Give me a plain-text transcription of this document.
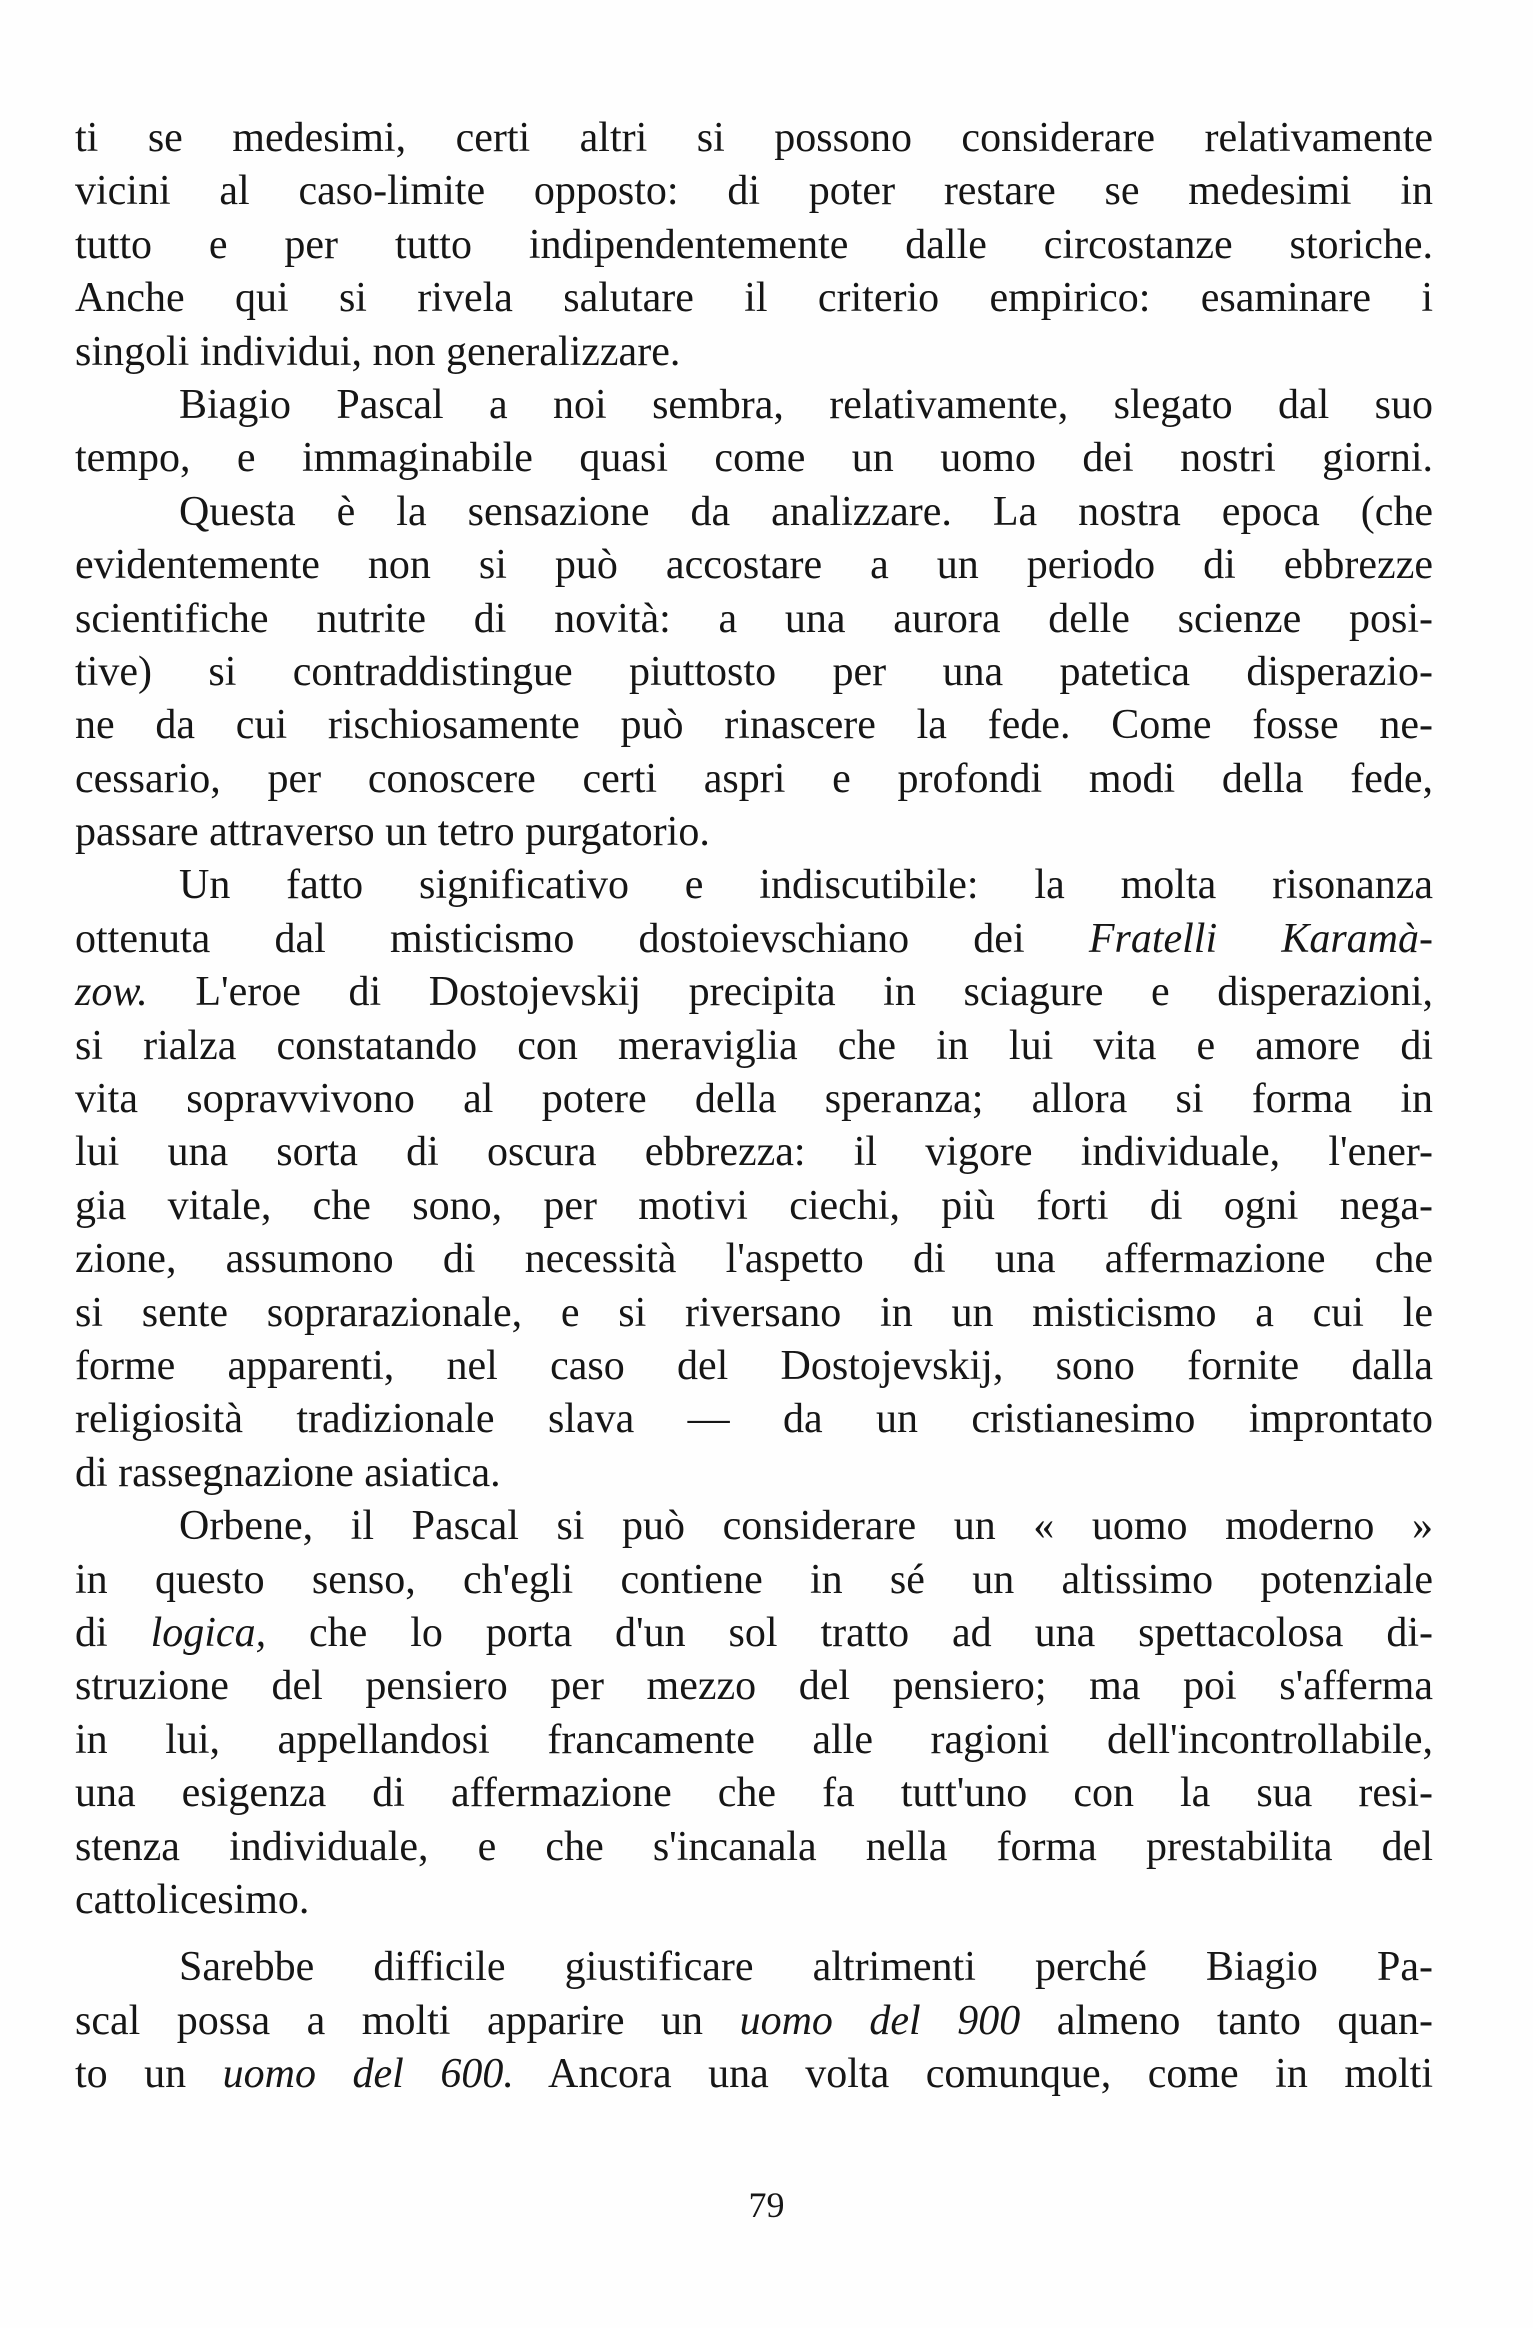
ti se medesimi, certi altri si possono considerare relativamente
vicini al caso-limite opposto: di poter restare se medesimi in
tutto e per tutto indipendentemente dalle circostanze storiche.
Anche qui si rivela salutare il criterio empirico: esaminare i
singoli individui, non generalizzare.
Biagio Pascal a noi sembra, relativamente, slegato dal suo
tempo, e immaginabile quasi come un uomo dei nostri giorni.
Questa è la sensazione da analizzare. La nostra epoca (che
evidentemente non si può accostare a un periodo di ebbrezze
scientifiche nutrite di novità: a una aurora delle scienze posi-
tive) si contraddistingue piuttosto per una patetica disperazio-
ne da cui rischiosamente può rinascere la fede. Come fosse ne-
cessario, per conoscere certi aspri e profondi modi della fede,
passare attraverso un tetro purgatorio.
Un fatto significativo e indiscutibile: la molta risonanza
ottenuta dal misticismo dostoievschiano dei Fratelli Karamà-
zow. L'eroe di Dostojevskij precipita in sciagure e disperazioni,
si rialza constatando con meraviglia che in lui vita e amore di
vita sopravvivono al potere della speranza; allora si forma in
lui una sorta di oscura ebbrezza: il vigore individuale, l'ener-
gia vitale, che sono, per motivi ciechi, più forti di ogni nega-
zione, assumono di necessità l'aspetto di una affermazione che
si sente soprarazionale, e si riversano in un misticismo a cui le
forme apparenti, nel caso del Dostojevskij, sono fornite dalla
religiosità tradizionale slava — da un cristianesimo improntato
di rassegnazione asiatica.
Orbene, il Pascal si può considerare un « uomo moderno »
in questo senso, ch'egli contiene in sé un altissimo potenziale
di logica, che lo porta d'un sol tratto ad una spettacolosa di-
struzione del pensiero per mezzo del pensiero; ma poi s'afferma
in lui, appellandosi francamente alle ragioni dell'incontrollabile,
una esigenza di affermazione che fa tutt'uno con la sua resi-
stenza individuale, e che s'incanala nella forma prestabilita del
cattolicesimo.
Sarebbe difficile giustificare altrimenti perché Biagio Pa-
scal possa a molti apparire un uomo del 900 almeno tanto quan-
to un uomo del 600. Ancora una volta comunque, come in molti
79
